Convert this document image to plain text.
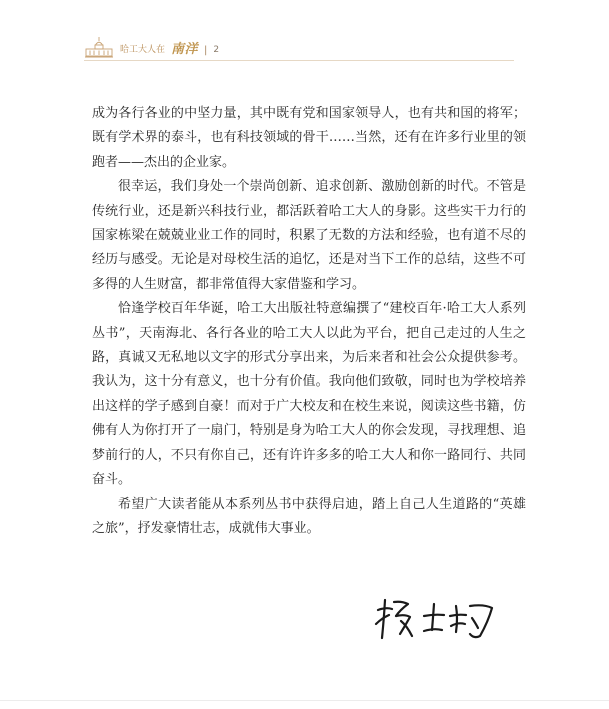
哈工大人在 南洋 | 2

成为各行各业的中坚力量，其中既有党和国家领导人，也有共和国的将军；既有学术界的泰斗，也有科技领域的骨干……当然，还有在许多行业里的领跑者——杰出的企业家。

很幸运，我们身处一个崇尚创新、追求创新、激励创新的时代。不管是传统行业，还是新兴科技行业，都活跃着哈工大人的身影。这些实干力行的国家栋梁在兢兢业业工作的同时，积累了无数的方法和经验，也有道不尽的经历与感受。无论是对母校生活的追忆，还是对当下工作的总结，这些不可多得的人生财富，都非常值得大家借鉴和学习。

恰逢学校百年华诞，哈工大出版社特意编撰了“建校百年·哈工大人系列丛书”，天南海北、各行各业的哈工大人以此为平台，把自己走过的人生之路，真诚又无私地以文字的形式分享出来，为后来者和社会公众提供参考。我认为，这十分有意义，也十分有价值。我向他们致敬，同时也为学校培养出这样的学子感到自豪！而对于广大校友和在校生来说，阅读这些书籍，仿佛有人为你打开了一扇门，特别是身为哈工大人的你会发现，寻找理想、追梦前行的人，不只有你自己，还有许许多多的哈工大人和你一路同行、共同奋斗。

希望广大读者能从本系列丛书中获得启迪，踏上自己人生道路的“英雄之旅”，抒发豪情壮志，成就伟大事业。
